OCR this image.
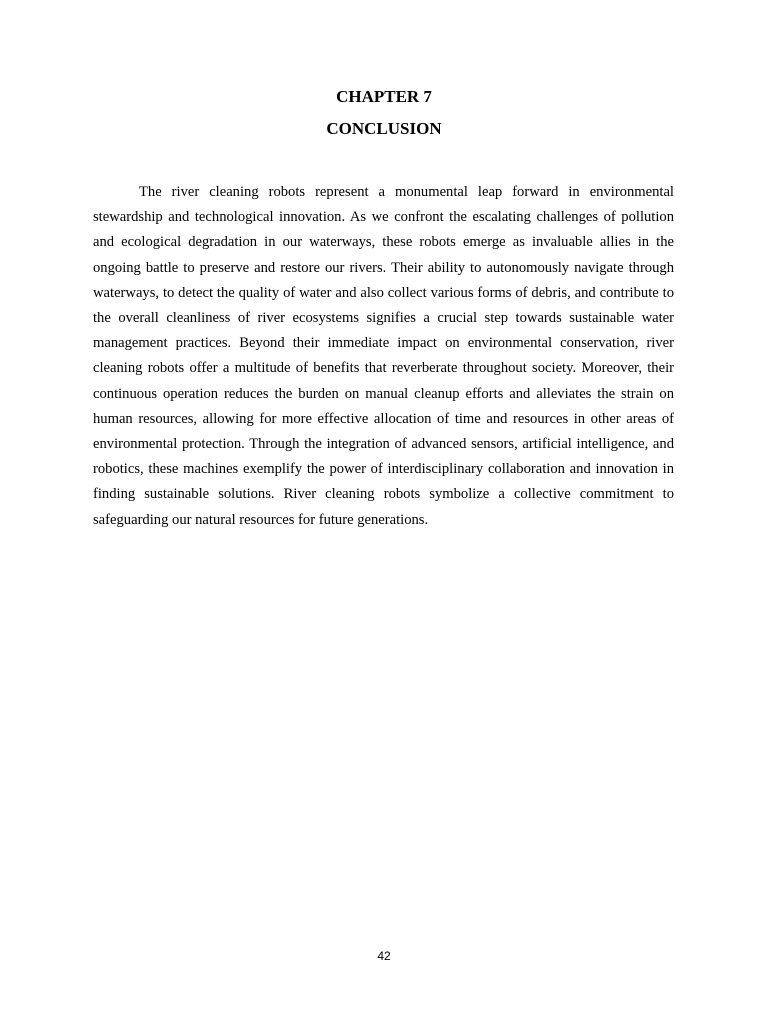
CHAPTER 7
CONCLUSION

The river cleaning robots represent a monumental leap forward in environmental stewardship and technological innovation. As we confront the escalating challenges of pollution and ecological degradation in our waterways, these robots emerge as invaluable allies in the ongoing battle to preserve and restore our rivers. Their ability to autonomously navigate through waterways, to detect the quality of water and also collect various forms of debris, and contribute to the overall cleanliness of river ecosystems signifies a crucial step towards sustainable water management practices. Beyond their immediate impact on environmental conservation, river cleaning robots offer a multitude of benefits that reverberate throughout society. Moreover, their continuous operation reduces the burden on manual cleanup efforts and alleviates the strain on human resources, allowing for more effective allocation of time and resources in other areas of environmental protection. Through the integration of advanced sensors, artificial intelligence, and robotics, these machines exemplify the power of interdisciplinary collaboration and innovation in finding sustainable solutions. River cleaning robots symbolize a collective commitment to safeguarding our natural resources for future generations.

42
